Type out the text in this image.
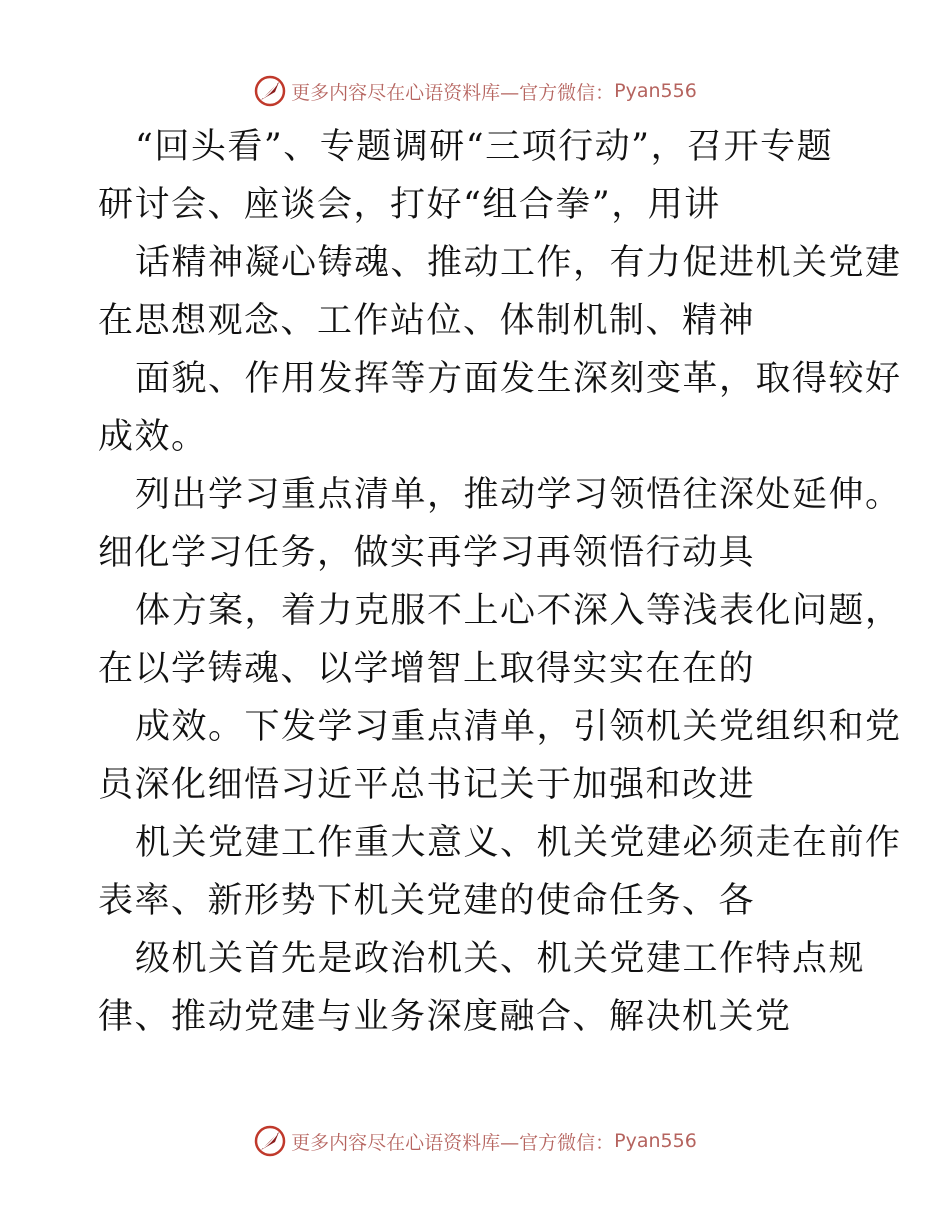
更多内容尽在心语资料库—官方微信： Pyan556
“回头看”、专题调研“三项行动”，召开专题
研讨会、座谈会，打好“组合拳”，用讲
话精神凝心铸魂、推动工作，有力促进机关党建
在思想观念、工作站位、体制机制、精神
面貌、作用发挥等方面发生深刻变革，取得较好
成效。
列出学习重点清单，推动学习领悟往深处延伸。
细化学习任务，做实再学习再领悟行动具
体方案，着力克服不上心不深入等浅表化问题，
在以学铸魂、以学增智上取得实实在在的
成效。下发学习重点清单，引领机关党组织和党
员深化细悟习近平总书记关于加强和改进
机关党建工作重大意义、机关党建必须走在前作
表率、新形势下机关党建的使命任务、各
级机关首先是政治机关、机关党建工作特点规
律、推动党建与业务深度融合、解决机关党
更多内容尽在心语资料库—官方微信： Pyan556
